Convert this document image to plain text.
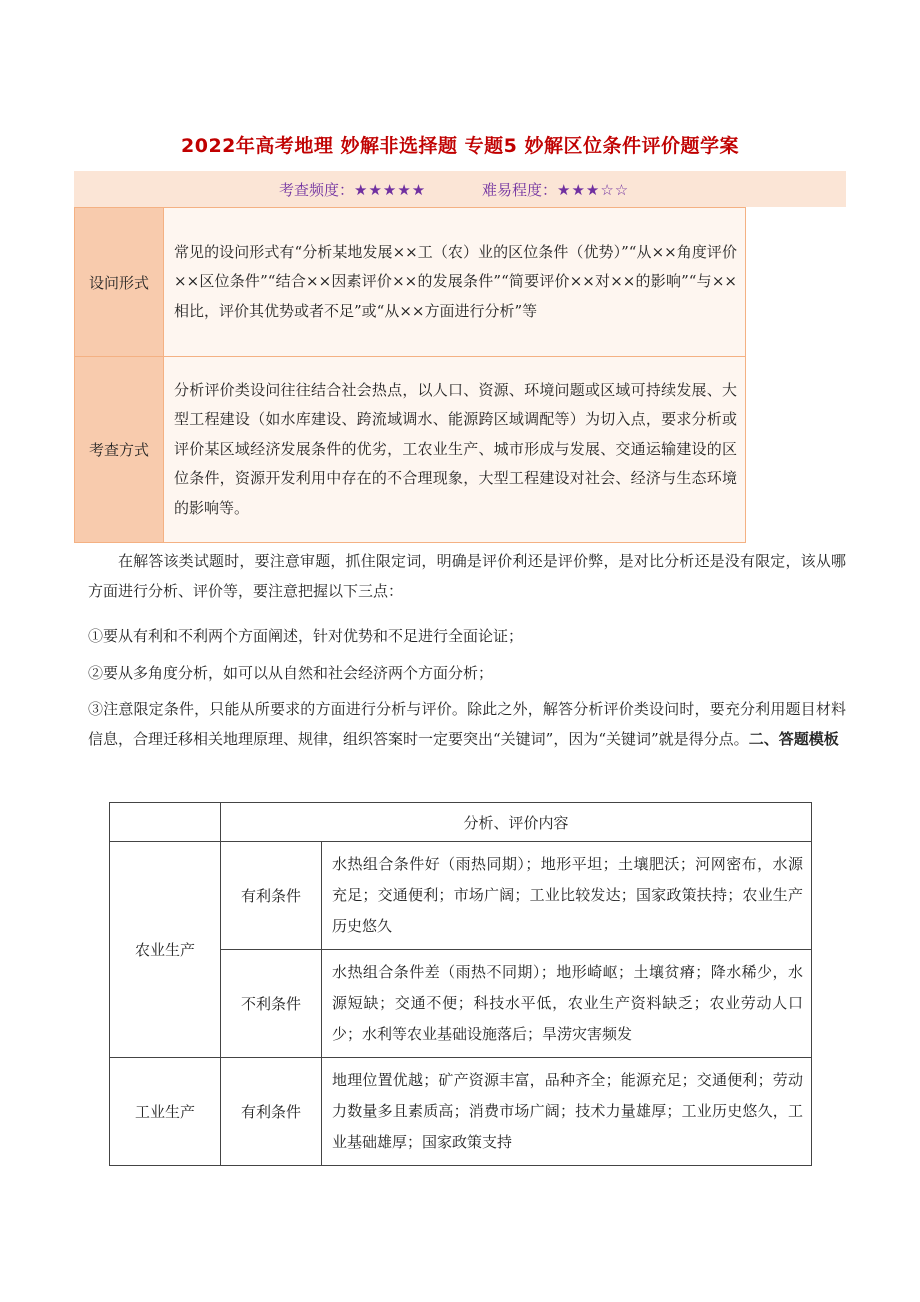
2022年高考地理 妙解非选择题 专题5 妙解区位条件评价题学案
考查频度：★★★★★	难易程度：★★★☆☆
设问形式	常见的设问形式有“分析某地发展××工（农）业的区位条件（优势）”“从××角度评价××区位条件”“结合××因素评价××的发展条件”“简要评价××对××的影响”“与××相比，评价其优势或者不足”或“从××方面进行分析”等
考查方式	分析评价类设问往往结合社会热点，以人口、资源、环境问题或区域可持续发展、大型工程建设（如水库建设、跨流域调水、能源跨区域调配等）为切入点，要求分析或评价某区域经济发展条件的优劣，工农业生产、城市形成与发展、交通运输建设的区位条件，资源开发利用中存在的不合理现象，大型工程建设对社会、经济与生态环境的影响等。
在解答该类试题时，要注意审题，抓住限定词，明确是评价利还是评价弊，是对比分析还是没有限定，该从哪方面进行分析、评价等，要注意把握以下三点：
①要从有利和不利两个方面阐述，针对优势和不足进行全面论证；
②要从多角度分析，如可以从自然和社会经济两个方面分析；
③注意限定条件，只能从所要求的方面进行分析与评价。除此之外，解答分析评价类设问时，要充分利用题目材料信息，合理迁移相关地理原理、规律，组织答案时一定要突出“关键词”，因为“关键词”就是得分点。二、答题模板
	分析、评价内容	
农业生产	有利条件	水热组合条件好（雨热同期）；地形平坦；土壤肥沃；河网密布，水源充足；交通便利；市场广阔；工业比较发达；国家政策扶持；农业生产历史悠久
	不利条件	水热组合条件差（雨热不同期）；地形崎岖；土壤贫瘠；降水稀少，水源短缺；交通不便；科技水平低，农业生产资料缺乏；农业劳动人口少；水利等农业基础设施落后；旱涝灾害频发
工业生产	有利条件	地理位置优越；矿产资源丰富，品种齐全；能源充足；交通便利；劳动力数量多且素质高；消费市场广阔；技术力量雄厚；工业历史悠久，工业基础雄厚；国家政策支持
